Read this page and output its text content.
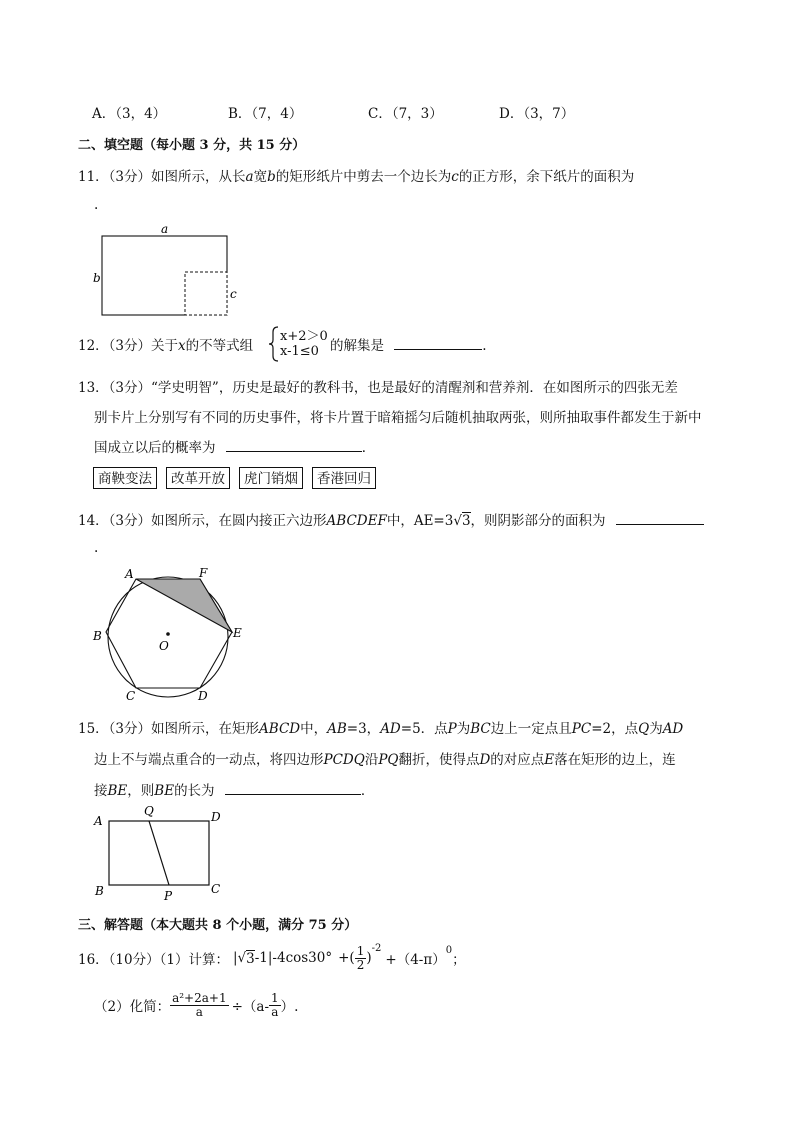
A．（3，4）	B．（7，4）	C．（7，3）	D．（3，7）
二、填空题（每小题 3 分，共 15 分）
11．（3分）如图所示，从长a宽b的矩形纸片中剪去一个边长为c的正方形，余下纸片的面积为
.
a
b
c
12．（3分）关于x的不等式组
x+2＞0
x-1≤0 的解集是	.
13．（3分）“学史明智”，历史是最好的教科书，也是最好的清醒剂和营养剂．在如图所示的四张无差
别卡片上分别写有不同的历史事件，将卡片置于暗箱摇匀后随机抽取两张，则所抽取事件都发生于新中
国成立以后的概率为	．
商鞅变法	改革开放	虎门销烟	香港回归
14．（3分）如图所示，在圆内接正六边形ABCDEF中，AE=3√3，则阴影部分的面积为
.
A	F
B	E
O
C	D
15．（3分）如图所示，在矩形ABCD中，AB=3，AD=5．点P为BC边上一定点且PC=2，点Q为AD
边上不与端点重合的一动点，将四边形PCDQ沿PQ翻折，使得点D的对应点E落在矩形的边上，连
接BE，则BE的长为	．
A
Q	D
B	P	C
三、解答题（本大题共 8 个小题，满分 75 分）
16．（10分）（1）计算： | √ 3 -1|-4cos30° +( $\frac{1}{2}$ )
-2
+（4-π）
0
；
（2）化简： $\frac{\text{a²+2a+1}}{a} \div(a- \frac{1}{a}$ ）.
